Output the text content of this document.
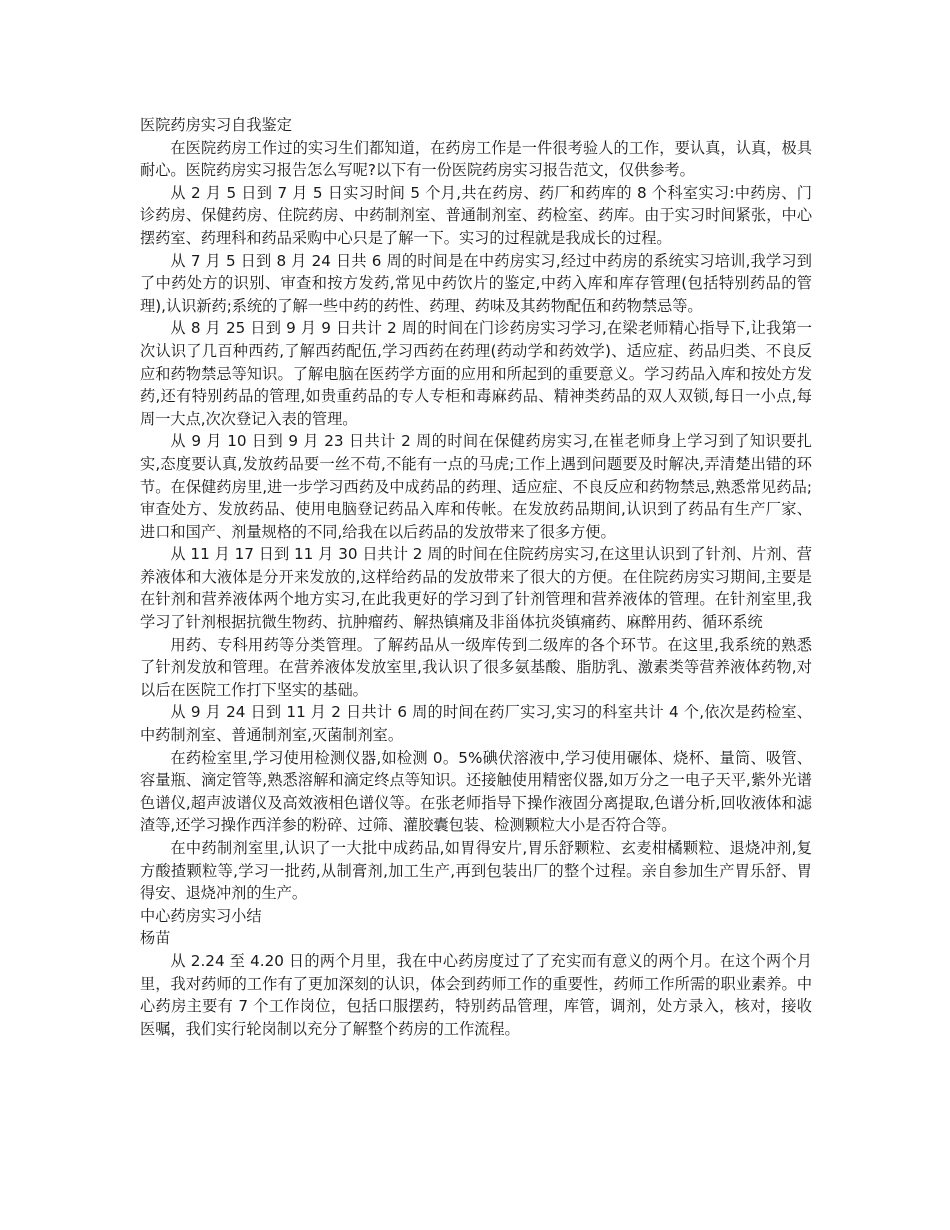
医院药房实习自我鉴定

在医院药房工作过的实习生们都知道，在药房工作是一件很考验人的工作，要认真，认真，极具耐心。医院药房实习报告怎么写呢?以下有一份医院药房实习报告范文，仅供参考。

从 2 月 5 日到 7 月 5 日实习时间 5 个月,共在药房、药厂和药库的 8 个科室实习:中药房、门诊药房、保健药房、住院药房、中药制剂室、普通制剂室、药检室、药库。由于实习时间紧张，中心摆药室、药理科和药品采购中心只是了解一下。实习的过程就是我成长的过程。

从 7 月 5 日到 8 月 24 日共 6 周的时间是在中药房实习,经过中药房的系统实习培训,我学习到了中药处方的识别、审查和按方发药,常见中药饮片的鉴定,中药入库和库存管理(包括特别药品的管理),认识新药;系统的了解一些中药的药性、药理、药味及其药物配伍和药物禁忌等。

从 8 月 25 日到 9 月 9 日共计 2 周的时间在门诊药房实习学习,在梁老师精心指导下,让我第一次认识了几百种西药,了解西药配伍,学习西药在药理(药动学和药效学)、适应症、药品归类、不良反应和药物禁忌等知识。了解电脑在医药学方面的应用和所起到的重要意义。学习药品入库和按处方发药,还有特别药品的管理,如贵重药品的专人专柜和毒麻药品、精神类药品的双人双锁,每日一小点,每周一大点,次次登记入表的管理。

从 9 月 10 日到 9 月 23 日共计 2 周的时间在保健药房实习,在崔老师身上学习到了知识要扎实,态度要认真,发放药品要一丝不苟,不能有一点的马虎;工作上遇到问题要及时解决,弄清楚出错的环节。在保健药房里,进一步学习西药及中成药品的药理、适应症、不良反应和药物禁忌,熟悉常见药品;审查处方、发放药品、使用电脑登记药品入库和传帐。在发放药品期间,认识到了药品有生产厂家、进口和国产、剂量规格的不同,给我在以后药品的发放带来了很多方便。

从 11 月 17 日到 11 月 30 日共计 2 周的时间在住院药房实习,在这里认识到了针剂、片剂、营养液体和大液体是分开来发放的,这样给药品的发放带来了很大的方便。在住院药房实习期间,主要是在针剂和营养液体两个地方实习,在此我更好的学习到了针剂管理和营养液体的管理。在针剂室里,我学习了针剂根据抗微生物药、抗肿瘤药、解热镇痛及非甾体抗炎镇痛药、麻醉用药、循环系统

用药、专科用药等分类管理。了解药品从一级库传到二级库的各个环节。在这里,我系统的熟悉了针剂发放和管理。在营养液体发放室里,我认识了很多氨基酸、脂肪乳、激素类等营养液体药物,对以后在医院工作打下坚实的基础。

从 9 月 24 日到 11 月 2 日共计 6 周的时间在药厂实习,实习的科室共计 4 个,依次是药检室、中药制剂室、普通制剂室,灭菌制剂室。

在药检室里,学习使用检测仪器,如检测 0。5%碘伏溶液中,学习使用碾体、烧杯、量筒、吸管、容量瓶、滴定管等,熟悉溶解和滴定终点等知识。还接触使用精密仪器,如万分之一电子天平,紫外光谱色谱仪,超声波谱仪及高效液相色谱仪等。在张老师指导下操作液固分离提取,色谱分析,回收液体和滤渣等,还学习操作西洋参的粉碎、过筛、灌胶囊包装、检测颗粒大小是否符合等。

在中药制剂室里,认识了一大批中成药品,如胃得安片,胃乐舒颗粒、玄麦柑橘颗粒、退烧冲剂,复方酸揸颗粒等,学习一批药,从制膏剂,加工生产,再到包装出厂的整个过程。亲自参加生产胃乐舒、胃得安、退烧冲剂的生产。

中心药房实习小结

杨苗

从 2.24 至 4.20 日的两个月里，我在中心药房度过了了充实而有意义的两个月。在这个两个月里，我对药师的工作有了更加深刻的认识，体会到药师工作的重要性，药师工作所需的职业素养。中心药房主要有 7 个工作岗位，包括口服摆药，特别药品管理，库管，调剂，处方录入，核对，接收医嘱，我们实行轮岗制以充分了解整个药房的工作流程。
